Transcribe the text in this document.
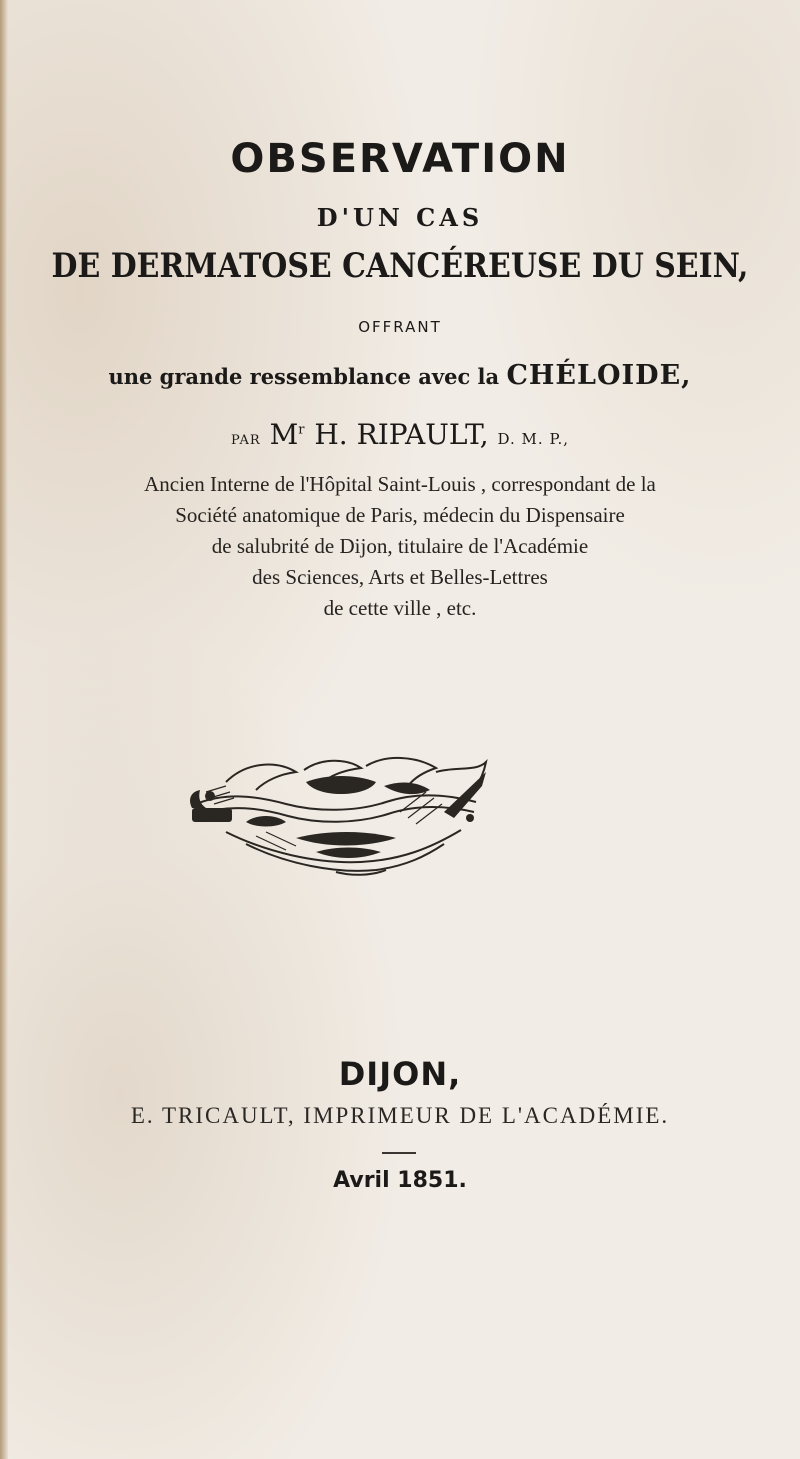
OBSERVATION
D'UN CAS
DE DERMATOSE CANCÉREUSE DU SEIN,
OFFRANT
une grande ressemblance avec la CHÉLOIDE,
PAR $M^r$ H. RIPAULT, D. M. P.,
Ancien Interne de l'Hôpital Saint-Louis , correspondant de la
Société anatomique de Paris, médecin du Dispensaire
de salubrité de Dijon, titulaire de l'Académie
des Sciences, Arts et Belles-Lettres
de cette ville , etc.
DIJON,
E. TRICAULT, IMPRIMEUR DE L'ACADÉMIE.
Avril 1851.
